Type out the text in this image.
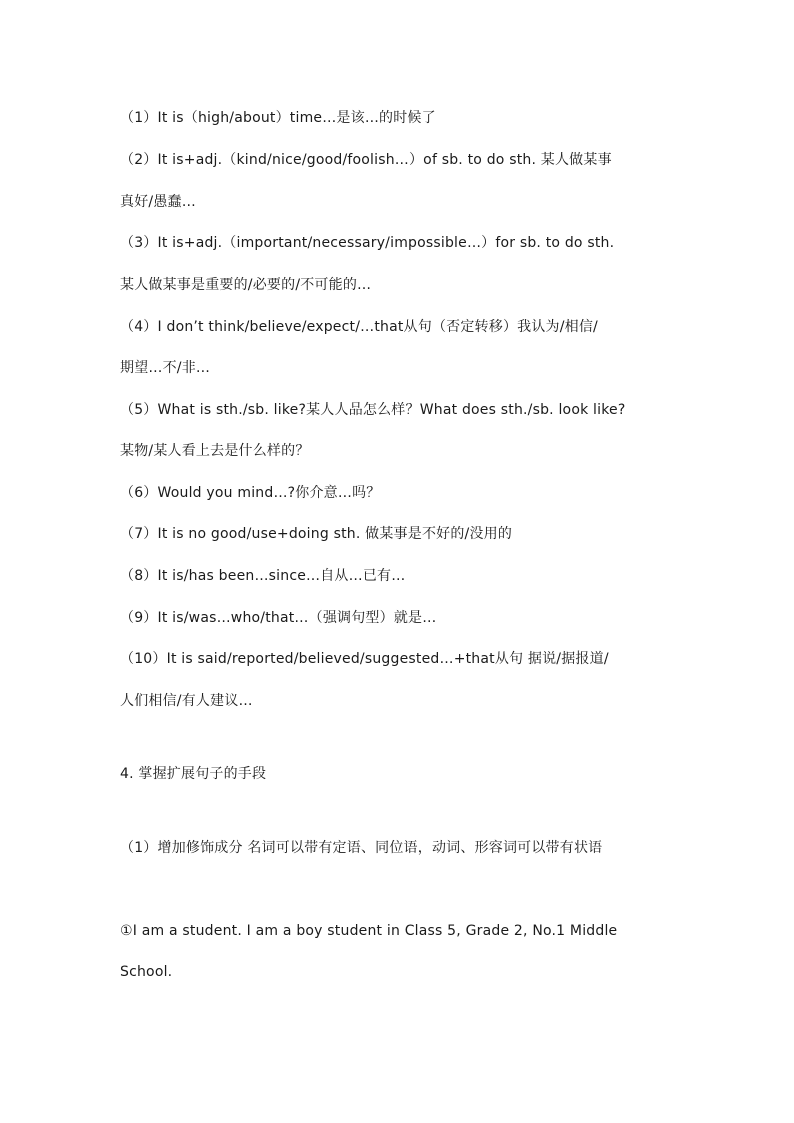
（1）It is（high/about）time…是该…的时候了
（2）It is+adj.（kind/nice/good/foolish…）of sb. to do sth. 某人做某事
真好/愚蠢…
（3）It is+adj.（important/necessary/impossible…）for sb. to do sth.
某人做某事是重要的/必要的/不可能的…
（4）I don’t think/believe/expect/…that从句（否定转移）我认为/相信/
期望…不/非…
（5）What is sth./sb. like?某人人品怎么样？What does sth./sb. look like?
某物/某人看上去是什么样的？
（6）Would you mind…?你介意…吗？
（7）It is no good/use+doing sth. 做某事是不好的/没用的
（8）It is/has been…since…自从…已有…
（9）It is/was…who/that…（强调句型）就是…
（10）It is said/reported/believed/suggested…+that从句 据说/据报道/
人们相信/有人建议…
4. 掌握扩展句子的手段
（1）增加修饰成分 名词可以带有定语、同位语，动词、形容词可以带有状语
①I am a student. I am a boy student in Class 5, Grade 2, No.1 Middle
School.
